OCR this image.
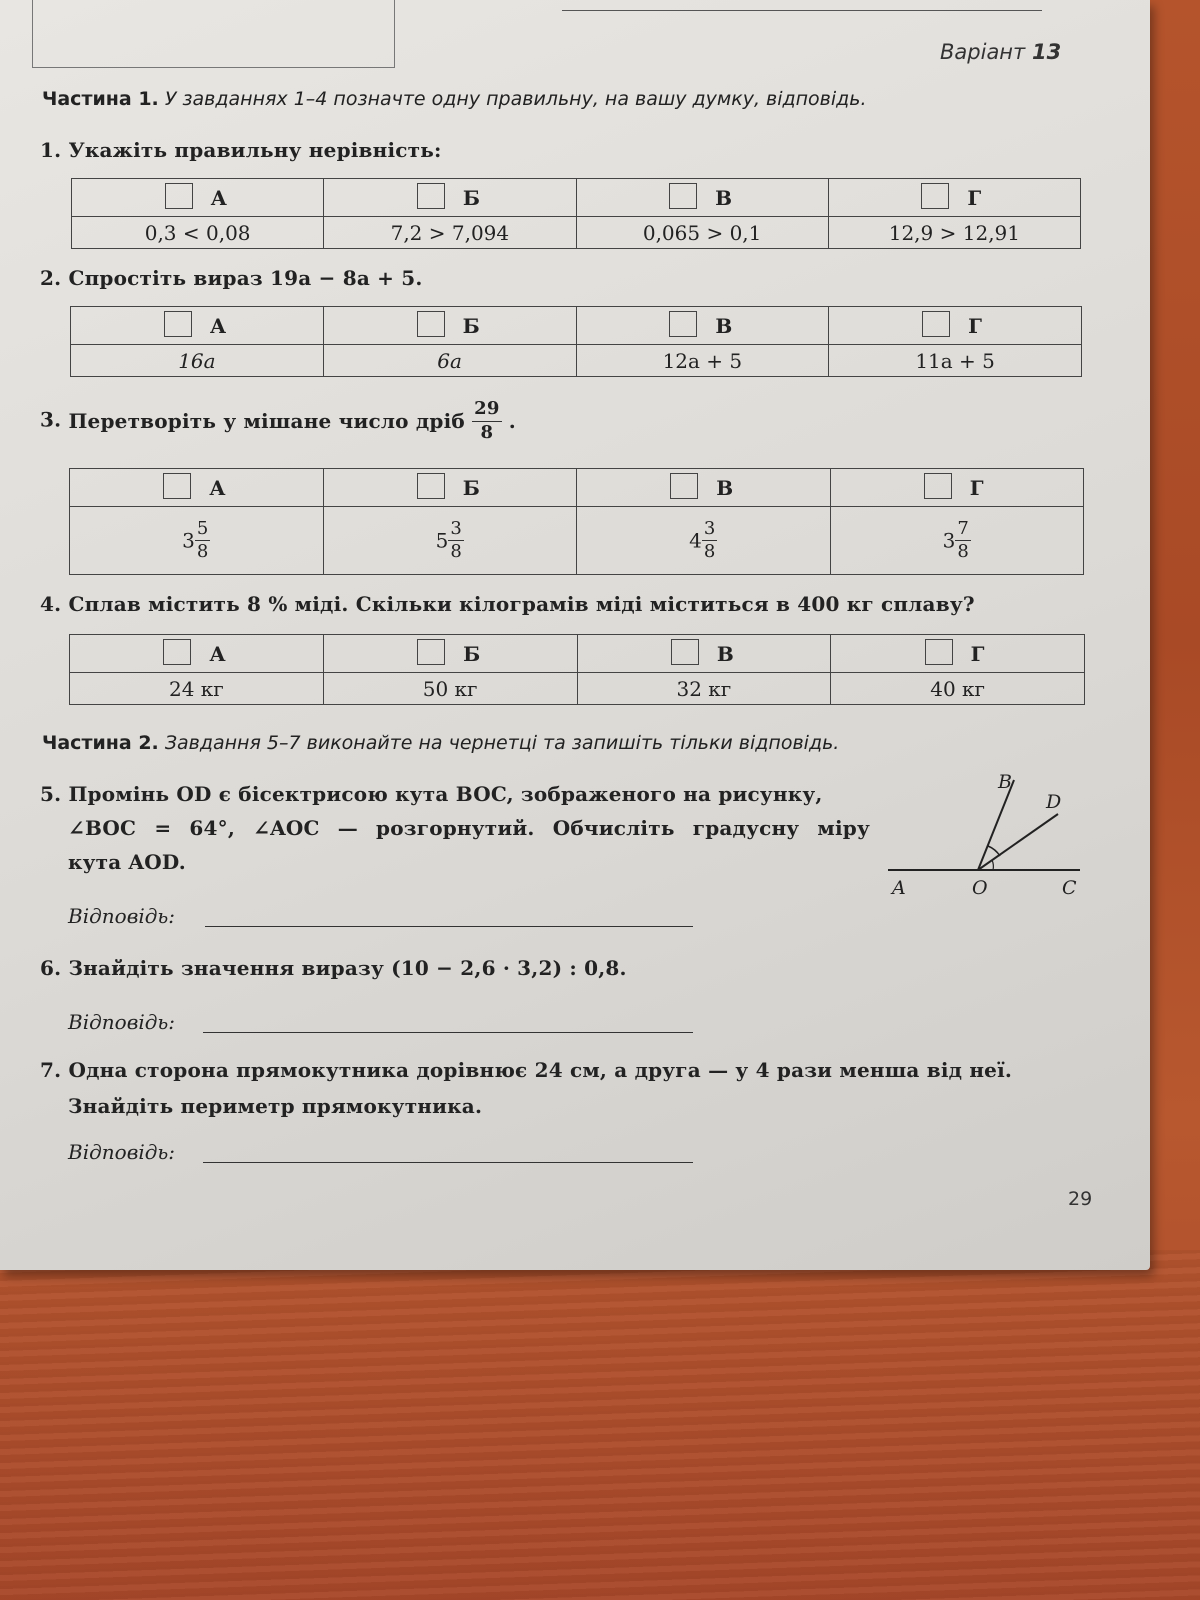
Варіант 13
Частина 1. У завданнях 1–4 позначте одну правильну, на вашу думку, відповідь.
1. Укажіть правильну нерівність:
А	Б	В	Г
0,3 < 0,08	7,2 > 7,094	0,065 > 0,1	12,9 > 12,91
2. Спростіть вираз 19a − 8a + 5.
А	Б	В	Г
16a	6a	12a + 5	11a + 5
3. Перетворіть у мішане число дріб $\frac{29}{8}$ .
А	Б	В	Г
$3 \frac{5}{8}$	$5 \frac{3}{8}$	$4 \frac{3}{8}$	$3 \frac{7}{8}$
4. Сплав містить 8 % міді. Скільки кілограмів міді міститься в 400 кг сплаву?
А	Б	В	Г
24 кг	50 кг	32 кг	40 кг
Частина 2. Завдання 5–7 виконайте на чернетці та запишіть тільки відповідь.
5. Промінь OD є бісектрисою кута BOC, зображеного на рисунку,
∠BOC = 64°, ∠AOC — розгорнутий. Обчисліть градусну міру
кута AOD.
A	O	C
B
D
Відповідь:
6. Знайдіть значення виразу (10 − 2,6 · 3,2) : 0,8.
Відповідь:
7. Одна сторона прямокутника дорівнює 24 см, а друга — у 4 рази менша від неї.
Знайдіть периметр прямокутника.
Відповідь:
29
